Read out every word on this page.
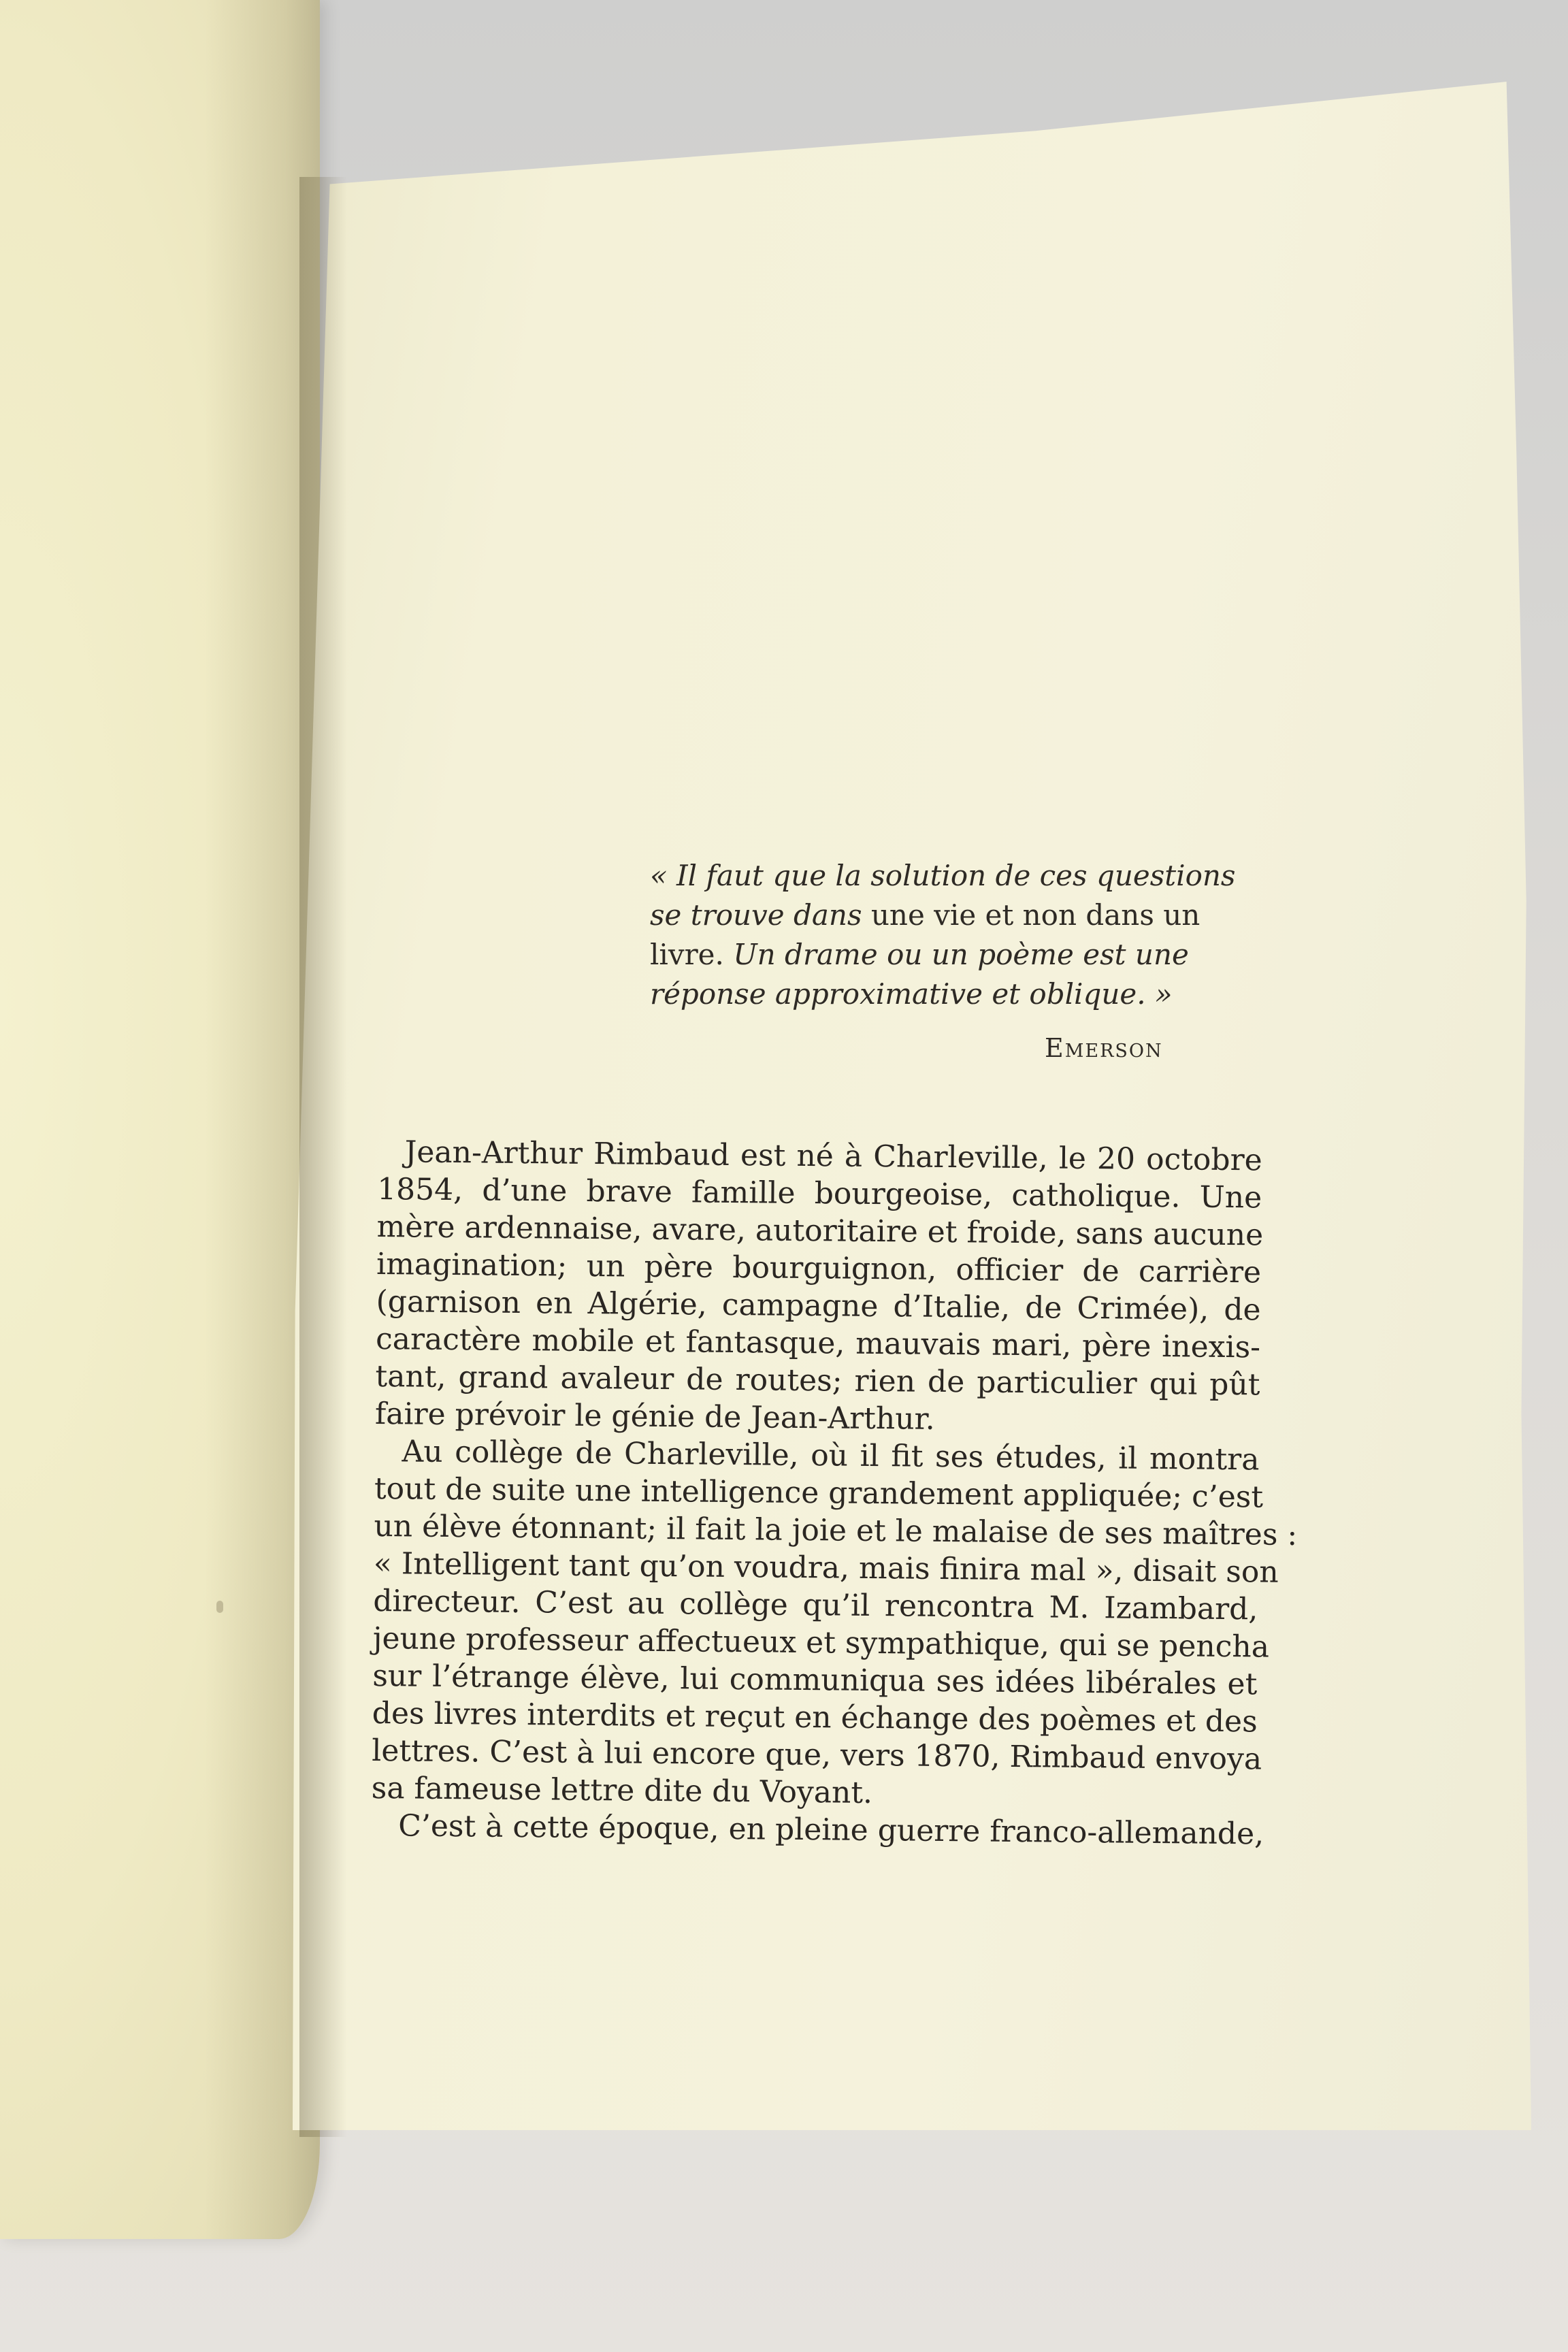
« Il faut que la solution de ces questions

se trouve dans une vie et non dans un

livre. Un drame ou un poème est une

réponse approximative et oblique. »

Emerson
Jean-Arthur Rimbaud est né à Charleville, le 20 octobre
1854, d’une brave famille bourgeoise, catholique. Une
mère ardennaise, avare, autoritaire et froide, sans aucune
imagination; un père bourguignon, officier de carrière
(garnison en Algérie, campagne d’Italie, de Crimée), de
caractère mobile et fantasque, mauvais mari, père inexis-
tant, grand avaleur de routes; rien de particulier qui pût
faire prévoir le génie de Jean-Arthur.
Au collège de Charleville, où il fit ses études, il montra
tout de suite une intelligence grandement appliquée; c’est
un élève étonnant; il fait la joie et le malaise de ses maîtres :
« Intelligent tant qu’on voudra, mais finira mal », disait son
directeur. C’est au collège qu’il rencontra M. Izambard,
jeune professeur affectueux et sympathique, qui se pencha
sur l’étrange élève, lui communiqua ses idées libérales et
des livres interdits et reçut en échange des poèmes et des
lettres. C’est à lui encore que, vers 1870, Rimbaud envoya
sa fameuse lettre dite du Voyant.
C’est à cette époque, en pleine guerre franco-allemande,
